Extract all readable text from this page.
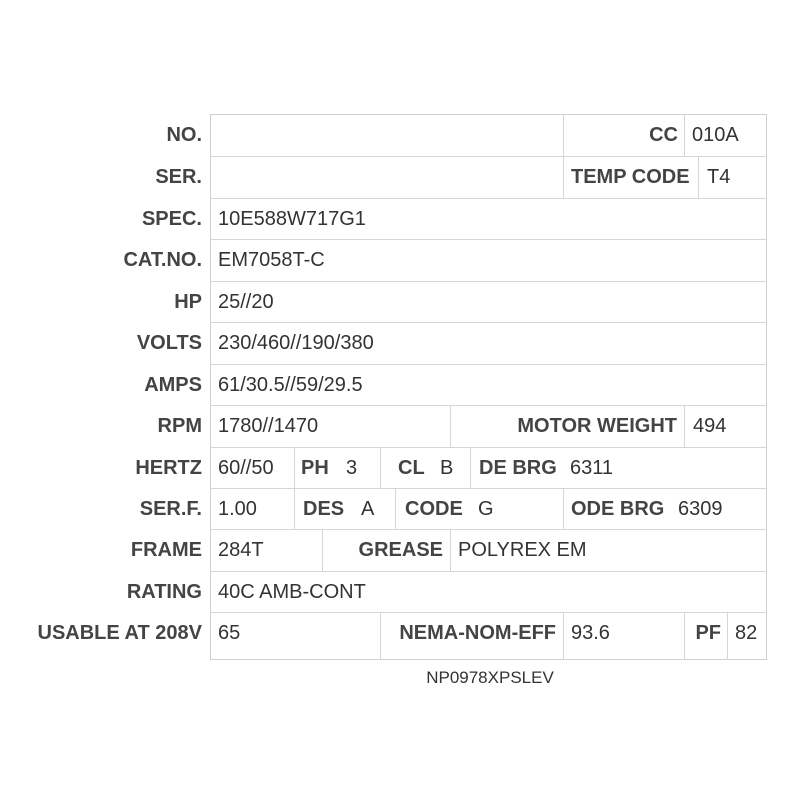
NO.	CC 010A
SER.	TEMP CODE T4
SPEC. 10E588W717G1
CAT.NO. EM7058T-C
HP 25//20
VOLTS 230/460//190/380
AMPS 61/30.5//59/29.5
RPM 1780//1470	MOTOR WEIGHT 494
HERTZ 60//50 PH 3 CL B DE BRG 6311
SER.F. 1.00 DES A CODE G	ODE BRG 6309
FRAME 284T	GREASE POLYREX EM
RATING 40C AMB-CONT
USABLE AT 208V 65	NEMA-NOM-EFF 93.6	PF 82
NP0978XPSLEV
